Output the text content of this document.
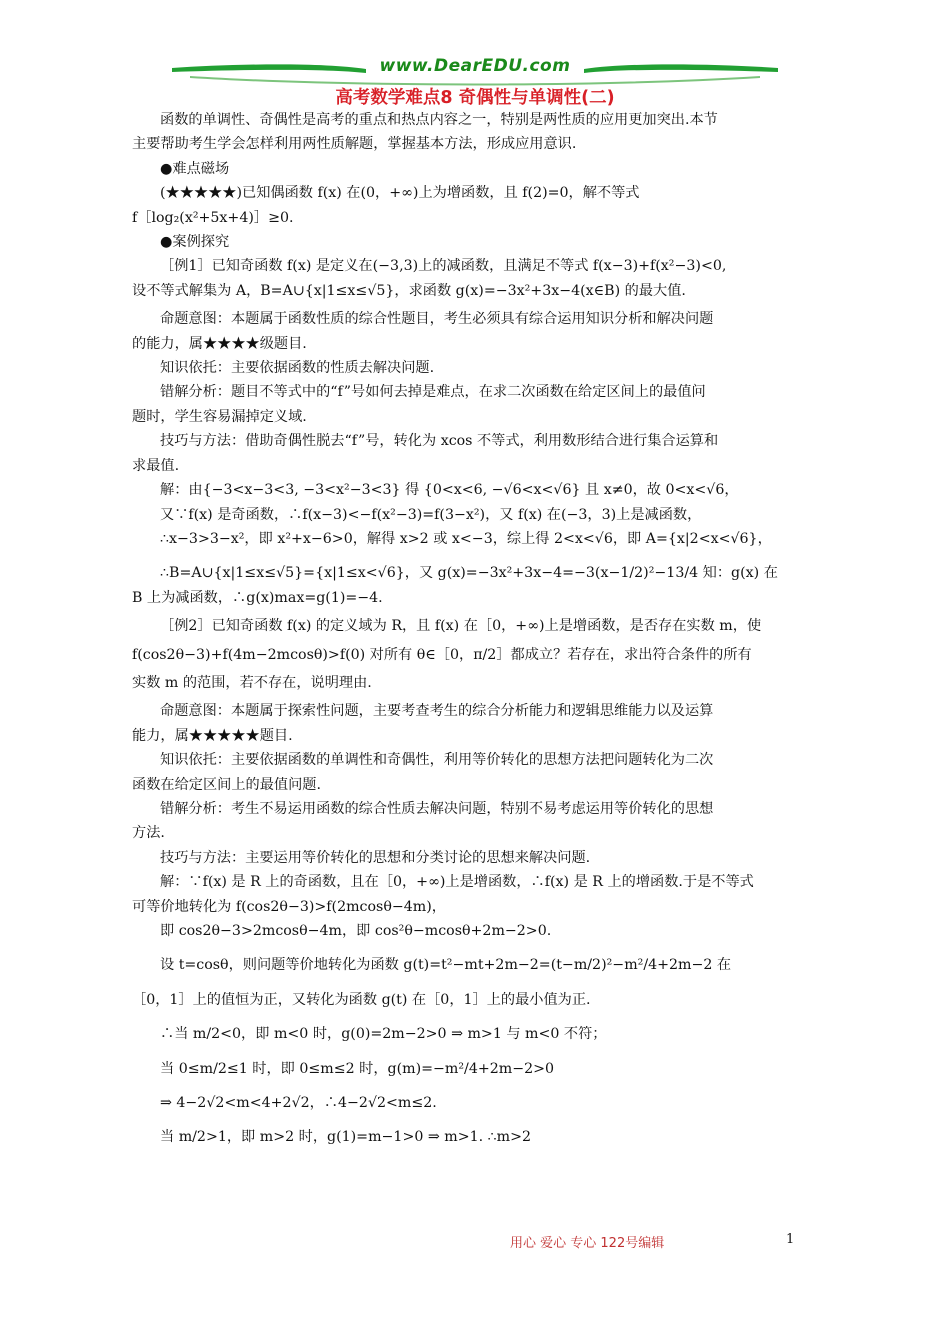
www.DearEDU.com
高考数学难点8 奇偶性与单调性(二)

函数的单调性、奇偶性是高考的重点和热点内容之一，特别是两性质的应用更加突出.本节

主要帮助考生学会怎样利用两性质解题，掌握基本方法，形成应用意识.

●难点磁场

(★★★★★)已知偶函数 f(x) 在(0，+∞)上为增函数，且 f(2)=0，解不等式

f［log₂(x²+5x+4)］≥0.

●案例探究

［例1］已知奇函数 f(x) 是定义在(−3,3)上的减函数，且满足不等式 f(x−3)+f(x²−3)<0,

设不等式解集为 A，B=A∪{x|1≤x≤√5}，求函数 g(x)=−3x²+3x−4(x∈B) 的最大值.

命题意图：本题属于函数性质的综合性题目，考生必须具有综合运用知识分析和解决问题

的能力，属★★★★级题目.

知识依托：主要依据函数的性质去解决问题.

错解分析：题目不等式中的“f”号如何去掉是难点，在求二次函数在给定区间上的最值问

题时，学生容易漏掉定义域.

技巧与方法：借助奇偶性脱去“f”号，转化为 xcos 不等式，利用数形结合进行集合运算和

求最值.

解：由{−3<x−3<3, −3<x²−3<3} 得 {0<x<6, −√6<x<√6} 且 x≠0，故 0<x<√6，

又∵f(x) 是奇函数，∴f(x−3)<−f(x²−3)=f(3−x²)，又 f(x) 在(−3，3)上是减函数，

∴x−3>3−x²，即 x²+x−6>0，解得 x>2 或 x<−3，综上得 2<x<√6，即 A={x|2<x<√6}，

∴B=A∪{x|1≤x≤√5}={x|1≤x<√6}，又 g(x)=−3x²+3x−4=−3(x−1/2)²−13/4 知：g(x) 在

B 上为减函数，∴g(x)max=g(1)=−4.

［例2］已知奇函数 f(x) 的定义域为 R，且 f(x) 在［0，+∞)上是增函数，是否存在实数 m，使

f(cos2θ−3)+f(4m−2mcosθ)>f(0) 对所有 θ∈［0，π/2］都成立？若存在，求出符合条件的所有

实数 m 的范围，若不存在，说明理由.

命题意图：本题属于探索性问题，主要考查考生的综合分析能力和逻辑思维能力以及运算

能力，属★★★★★题目.

知识依托：主要依据函数的单调性和奇偶性，利用等价转化的思想方法把问题转化为二次

函数在给定区间上的最值问题.

错解分析：考生不易运用函数的综合性质去解决问题，特别不易考虑运用等价转化的思想

方法.

技巧与方法：主要运用等价转化的思想和分类讨论的思想来解决问题.

解：∵f(x) 是 R 上的奇函数，且在［0，+∞)上是增函数，∴f(x) 是 R 上的增函数.于是不等式

可等价地转化为 f(cos2θ−3)>f(2mcosθ−4m)，

即 cos2θ−3>2mcosθ−4m，即 cos²θ−mcosθ+2m−2>0.

设 t=cosθ，则问题等价地转化为函数 g(t)=t²−mt+2m−2=(t−m/2)²−m²/4+2m−2 在

［0，1］上的值恒为正，又转化为函数 g(t) 在［0，1］上的最小值为正.

∴当 m/2<0，即 m<0 时，g(0)=2m−2>0 ⇒ m>1 与 m<0 不符；

当 0≤m/2≤1 时，即 0≤m≤2 时，g(m)=−m²/4+2m−2>0

⇒ 4−2√2<m<4+2√2，∴4−2√2<m≤2.

当 m/2>1，即 m>2 时，g(1)=m−1>0 ⇒ m>1. ∴m>2

用心 爱心 专心 122号编辑	1
